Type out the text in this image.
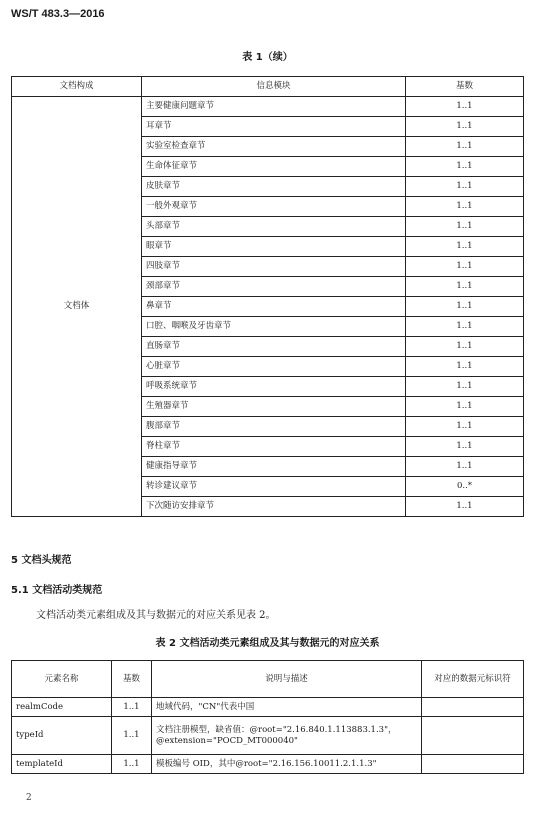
WS/T 483.3—2016
表 1（续）
文档构成	信息模块	基数
文档体	主要健康问题章节	1..1
	耳章节	1..1
	实验室检查章节	1..1
	生命体征章节	1..1
	皮肤章节	1..1
	一般外观章节	1..1
	头部章节	1..1
	眼章节	1..1
	四肢章节	1..1
	颈部章节	1..1
	鼻章节	1..1
	口腔、咽喉及牙齿章节	1..1
	直肠章节	1..1
	心脏章节	1..1
	呼吸系统章节	1..1
	生殖器章节	1..1
	腹部章节	1..1
	脊柱章节	1..1
	健康指导章节	1..1
	转诊建议章节	0..*
	下次随访安排章节	1..1
5 文档头规范
5.1 文档活动类规范
文档活动类元素组成及其与数据元的对应关系见表 2。
表 2 文档活动类元素组成及其与数据元的对应关系
元素名称	基数	说明与描述	对应的数据元标识符
realmCode	1..1	地域代码，"CN"代表中国	

typeId	1..1	文档注册模型，缺省值：@root="2.16.840.1.113883.1.3"，
@extension="POCD_MT000040"	

templateId	1..1	模板编号 OID，其中@root="2.16.156.10011.2.1.1.3"	

2
